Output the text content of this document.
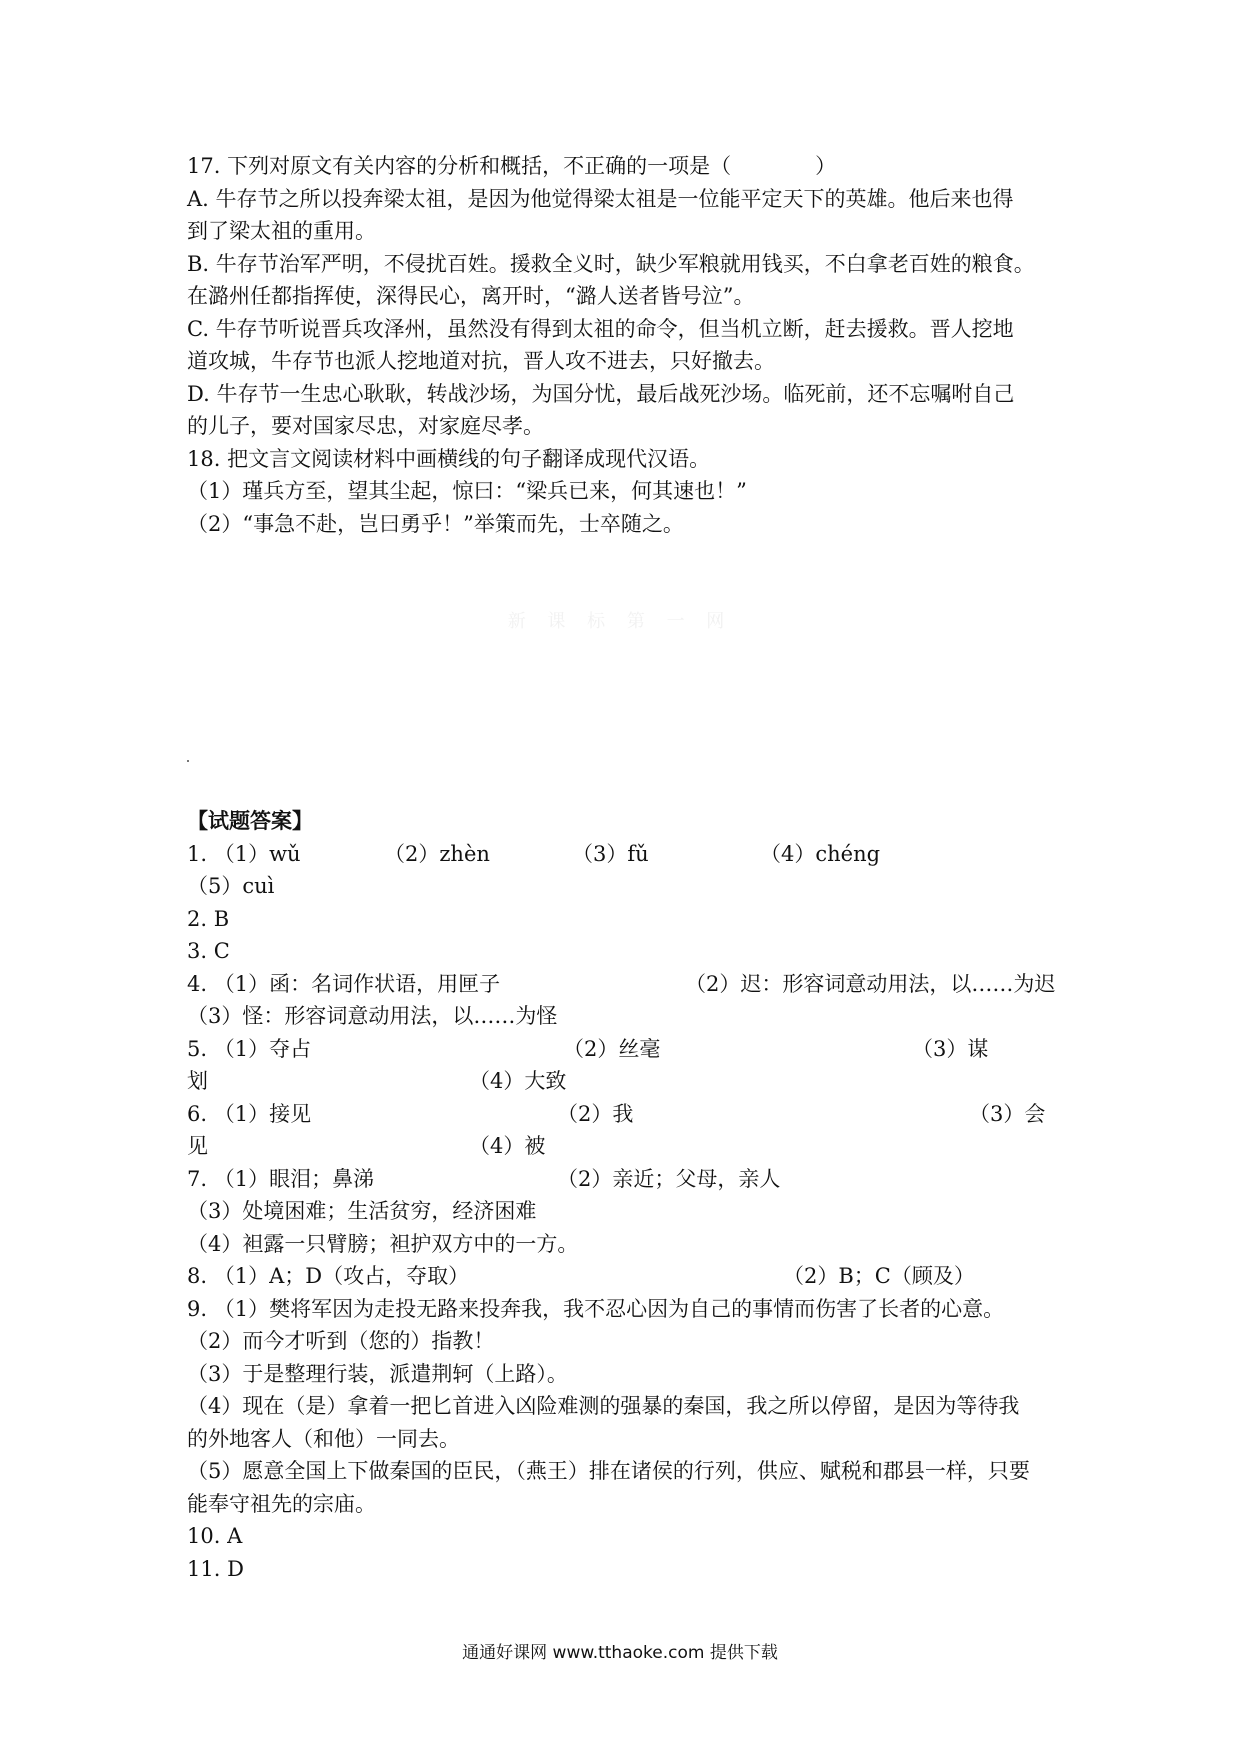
17. 下列对原文有关内容的分析和概括，不正确的一项是（　　　　）
A. 牛存节之所以投奔梁太祖，是因为他觉得梁太祖是一位能平定天下的英雄。他后来也得
到了梁太祖的重用。
B. 牛存节治军严明，不侵扰百姓。援救全义时，缺少军粮就用钱买，不白拿老百姓的粮食。
在潞州任都指挥使，深得民心，离开时，“潞人送者皆号泣”。
C. 牛存节听说晋兵攻泽州，虽然没有得到太祖的命令，但当机立断，赶去援救。晋人挖地
道攻城，牛存节也派人挖地道对抗，晋人攻不进去，只好撤去。
D. 牛存节一生忠心耿耿，转战沙场，为国分忧，最后战死沙场。临死前，还不忘嘱咐自己
的儿子，要对国家尽忠，对家庭尽孝。
18. 把文言文阅读材料中画横线的句子翻译成现代汉语。
（1）瑾兵方至，望其尘起，惊曰：“梁兵已来，何其速也！”
（2）“事急不赴，岂曰勇乎！”举策而先，士卒随之。
新 课 标 第 一 网
【试题答案】
1. （1）wǔ	（2）zhèn	（3）fǔ	（4）chéng
（5）cuì
2. B
3. C
4. （1）函：名词作状语，用匣子	（2）迟：形容词意动用法，以……为迟
（3）怪：形容词意动用法，以……为怪
5. （1）夺占	（2）丝毫	（3）谋
划	（4）大致
6. （1）接见	（2）我	（3）会
见	（4）被
7. （1）眼泪；鼻涕	（2）亲近；父母，亲人
（3）处境困难；生活贫穷，经济困难
（4）袒露一只臂膀；袒护双方中的一方。
8. （1）A；D（攻占，夺取）	（2）B；C（顾及）
9. （1）樊将军因为走投无路来投奔我，我不忍心因为自己的事情而伤害了长者的心意。
（2）而今才听到（您的）指教！
（3）于是整理行装，派遣荆轲（上路）。
（4）现在（是）拿着一把匕首进入凶险难测的强暴的秦国，我之所以停留，是因为等待我
的外地客人（和他）一同去。
（5）愿意全国上下做秦国的臣民，（燕王）排在诸侯的行列，供应、赋税和郡县一样，只要
能奉守祖先的宗庙。
10. A
11. D
通通好课网 www.tthaoke.com 提供下载
